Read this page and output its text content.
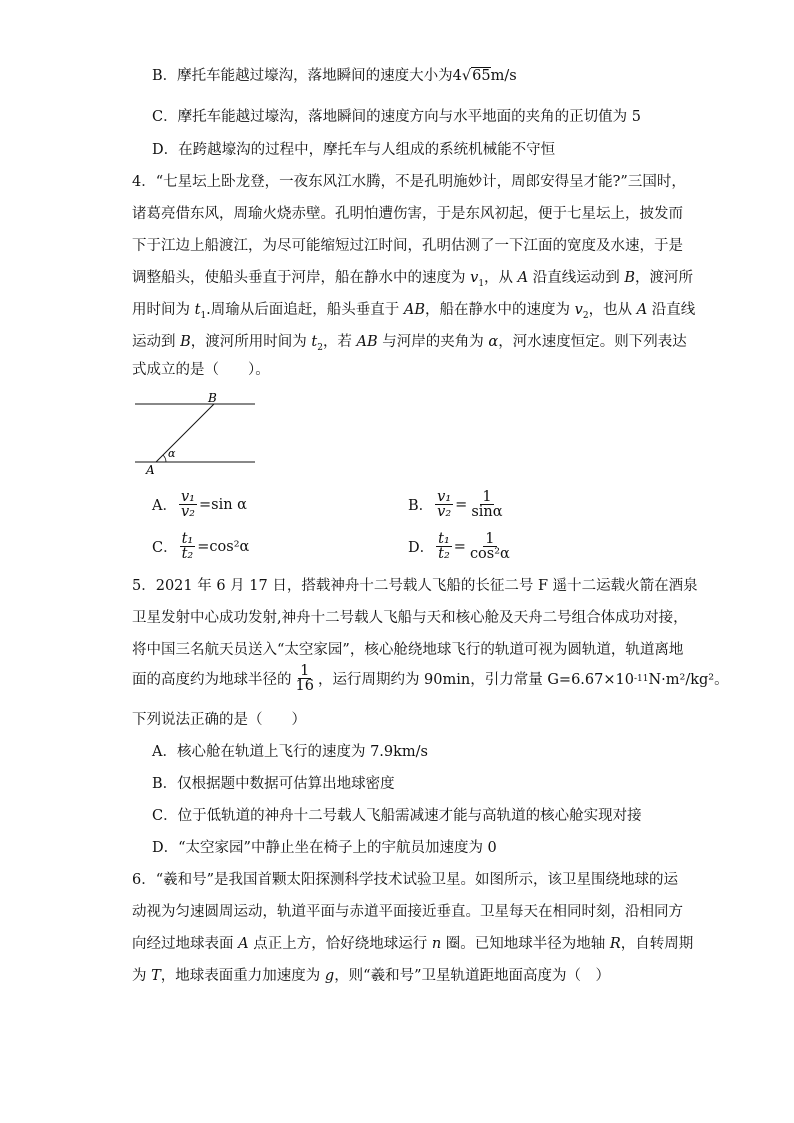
B．摩托车能越过壕沟，落地瞬间的速度大小为4√65m/s
C．摩托车能越过壕沟，落地瞬间的速度方向与水平地面的夹角的正切值为 5
D．在跨越壕沟的过程中，摩托车与人组成的系统机械能不守恒
4．“七星坛上卧龙登，一夜东风江水腾，不是孔明施妙计，周郎安得呈才能?”三国时，
诸葛亮借东风，周瑜火烧赤壁。孔明怕遭伤害，于是东风初起，便于七星坛上，披发而
下于江边上船渡江，为尽可能缩短过江时间，孔明估测了一下江面的宽度及水速，于是
调整船头，使船头垂直于河岸，船在静水中的速度为 $v_1$，从 A 沿直线运动到 B，渡河所
用时间为 $t_1$.周瑜从后面追赶，船头垂直于 AB，船在静水中的速度为 $v_2$，也从 A 沿直线
运动到 B，渡河所用时间为 $t_2$，若 AB 与河岸的夹角为 α，河水速度恒定。则下列表达
式成立的是（　　）。
B
A
α
A． $\frac{\text{v₁}}{\text{v₂}} =\sin$ α	B． $\frac{\text{v₁}}{\text{v₂}} = \frac{1}{\sin\alpha}$
C． $\frac{\text{t₁}}{\text{t₂}} =\cos^2\alpha$	D． $\frac{\text{t₁}}{\text{t₂}} = \frac{1}{\text{cos²α}}$
5．2021 年 6 月 17 日，搭载神舟十二号载人飞船的长征二号 F 遥十二运载火箭在酒泉
卫星发射中心成功发射,神舟十二号载人飞船与天和核心舱及天舟二号组合体成功对接，
将中国三名航天员送入“太空家园”，核心舱绕地球飞行的轨道可视为圆轨道，轨道离地
面的高度约为地球半径的 $\frac{1}{16}$ ，运行周期约为 90min，引力常量 G=6.67×10 -11 N·m²/kg²。
下列说法正确的是（　　）
A．核心舱在轨道上飞行的速度为 7.9km/s
B．仅根据题中数据可估算出地球密度
C．位于低轨道的神舟十二号载人飞船需减速才能与高轨道的核心舱实现对接
D．“太空家园”中静止坐在椅子上的宇航员加速度为 0
6．“羲和号”是我国首颗太阳探测科学技术试验卫星。如图所示，该卫星围绕地球的运
动视为匀速圆周运动，轨道平面与赤道平面接近垂直。卫星每天在相同时刻，沿相同方
向经过地球表面 A 点正上方，恰好绕地球运行 n 圈。已知地球半径为地轴 R，自转周期
为 T，地球表面重力加速度为 g，则“羲和号”卫星轨道距地面高度为（　）
